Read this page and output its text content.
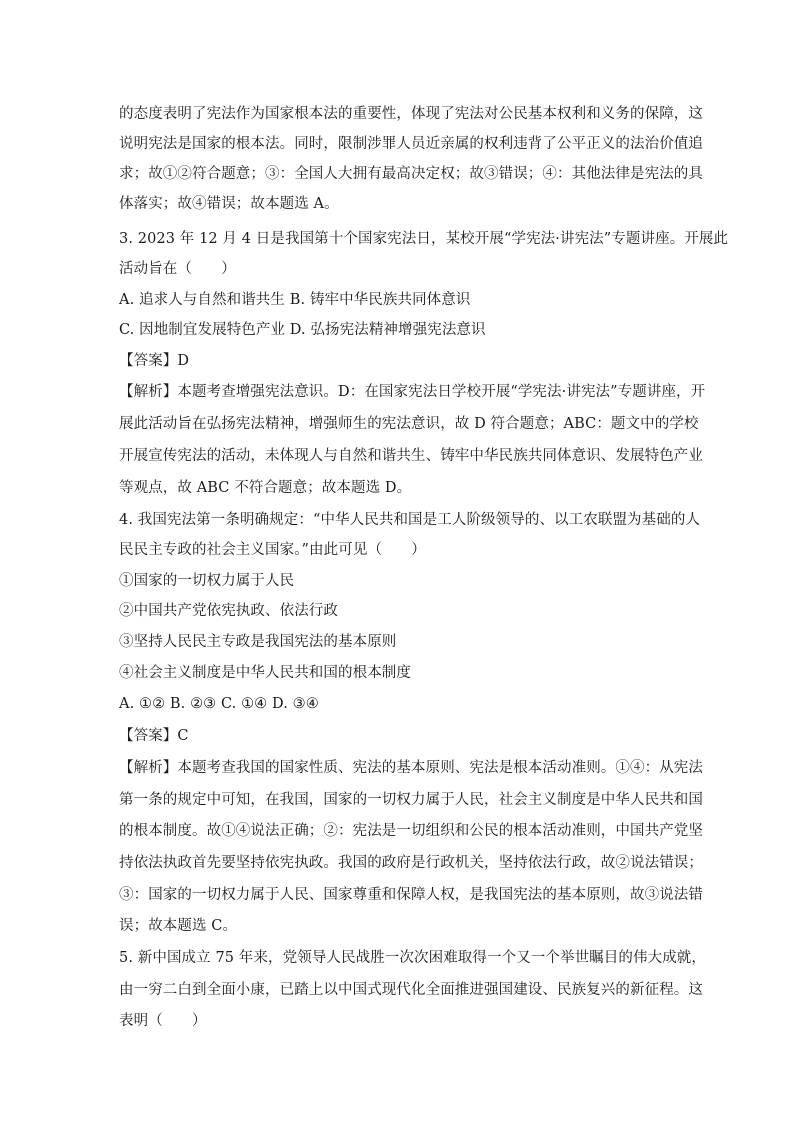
的态度表明了宪法作为国家根本法的重要性，体现了宪法对公民基本权利和义务的保障，这
说明宪法是国家的根本法。同时，限制涉罪人员近亲属的权利违背了公平正义的法治价值追
求；故①②符合题意；③：全国人大拥有最高决定权；故③错误；④：其他法律是宪法的具
体落实；故④错误；故本题选 A。
3. 2023 年 12 月 4 日是我国第十个国家宪法日，某校开展“学宪法·讲宪法”专题讲座。开展此
活动旨在（　　）
A. 追求人与自然和谐共生 B. 铸牢中华民族共同体意识
C. 因地制宜发展特色产业 D. 弘扬宪法精神增强宪法意识
【答案】D
【解析】本题考查增强宪法意识。D：在国家宪法日学校开展“学宪法·讲宪法”专题讲座，开
展此活动旨在弘扬宪法精神，增强师生的宪法意识，故 D 符合题意；ABC：题文中的学校
开展宣传宪法的活动，未体现人与自然和谐共生、铸牢中华民族共同体意识、发展特色产业
等观点，故 ABC 不符合题意；故本题选 D。
4. 我国宪法第一条明确规定：“中华人民共和国是工人阶级领导的、以工农联盟为基础的人
民民主专政的社会主义国家。”由此可见（　　）
①国家的一切权力属于人民
②中国共产党依宪执政、依法行政
③坚持人民民主专政是我国宪法的基本原则
④社会主义制度是中华人民共和国的根本制度
A. ①② B. ②③ C. ①④ D. ③④
【答案】C
【解析】本题考查我国的国家性质、宪法的基本原则、宪法是根本活动准则。①④：从宪法
第一条的规定中可知，在我国，国家的一切权力属于人民，社会主义制度是中华人民共和国
的根本制度。故①④说法正确；②：宪法是一切组织和公民的根本活动准则，中国共产党坚
持依法执政首先要坚持依宪执政。我国的政府是行政机关，坚持依法行政，故②说法错误；
③：国家的一切权力属于人民、国家尊重和保障人权，是我国宪法的基本原则，故③说法错
误；故本题选 C。
5. 新中国成立 75 年来，党领导人民战胜一次次困难取得一个又一个举世瞩目的伟大成就，
由一穷二白到全面小康，已踏上以中国式现代化全面推进强国建设、民族复兴的新征程。这
表明（　　）
